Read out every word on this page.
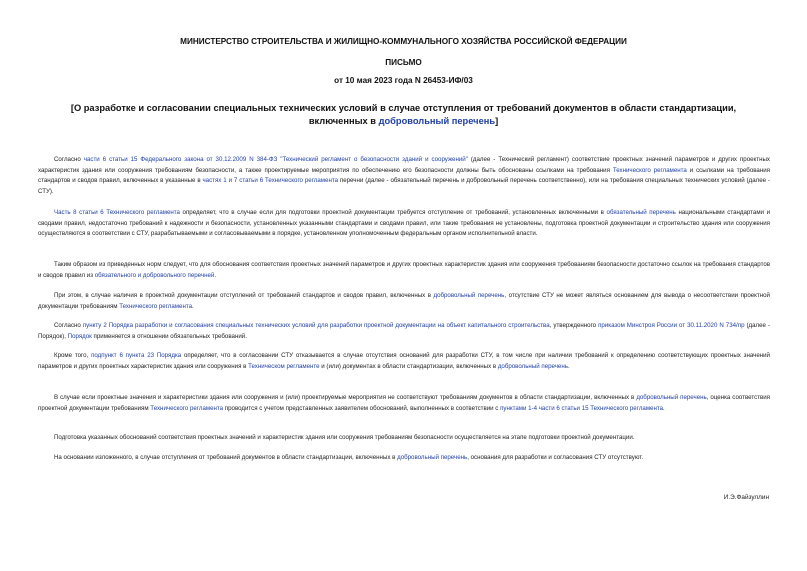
МИНИСТЕРСТВО СТРОИТЕЛЬСТВА И ЖИЛИЩНО-КОММУНАЛЬНОГО ХОЗЯЙСТВА РОССИЙСКОЙ ФЕДЕРАЦИИ
ПИСЬМО
от 10 мая 2023 года N 26453-ИФ/03
[О разработке и согласовании специальных технических условий в случае отступления от требований документов в области стандартизации, включенных в добровольный перечень]
Согласно части 6 статьи 15 Федерального закона от 30.12.2009 N 384-ФЗ "Технический регламент о безопасности зданий и сооружений" (далее - Технический регламент) соответствие проектных значений параметров и других проектных характеристик здания или сооружения требованиям безопасности, а также проектируемые мероприятия по обеспечению его безопасности должны быть обоснованы ссылками на требования Технического регламента и ссылками на требования стандартов и сводов правил, включенных в указанные в частях 1 и 7 статьи 6 Технического регламента перечни (далее - обязательный перечень и добровольный перечень соответственно), или на требования специальных технических условий (далее - СТУ).
Часть 8 статьи 6 Технического регламента определяет, что в случае если для подготовки проектной документации требуется отступление от требований, установленных включенными в обязательный перечень национальными стандартами и сводами правил, недостаточно требований к надежности и безопасности, установленных указанными стандартами и сводами правил, или такие требования не установлены, подготовка проектной документации и строительство здания или сооружения осуществляются в соответствии с СТУ, разрабатываемыми и согласовываемыми в порядке, установленном уполномоченным федеральным органом исполнительной власти.
Таким образом из приведенных норм следует, что для обоснования соответствия проектных значений параметров и других проектных характеристик здания или сооружения требованиям безопасности достаточно ссылок на требования стандартов и сводов правил из обязательного и добровольного перечней.
При этом, в случае наличия в проектной документации отступлений от требований стандартов и сводов правил, включенных в добровольный перечень, отсутствие СТУ не может являться основанием для вывода о несоответствии проектной документации требованиям Технического регламента.
Согласно пункту 2 Порядка разработки и согласования специальных технических условий для разработки проектной документации на объект капитального строительства, утвержденного приказом Минстроя России от 30.11.2020 N 734/пр (далее - Порядок), Порядок применяется в отношении обязательных требований.
Кроме того, подпункт 6 пункта 23 Порядка определяет, что в согласовании СТУ отказывается в случае отсутствия оснований для разработки СТУ, в том числе при наличии требований к определению соответствующих проектных значений параметров и других проектных характеристик здания или сооружения в Техническом регламенте и (или) документах в области стандартизации, включенных в добровольный перечень.
В случае если проектные значения и характеристики здания или сооружения и (или) проектируемые мероприятия не соответствуют требованиям документов в области стандартизации, включенных в добровольный перечень, оценка соответствия проектной документации требованиям Технического регламента проводится с учетом представленных заявителем обоснований, выполненных в соответствии с пунктами 1-4 части 6 статьи 15 Технического регламента.
Подготовка указанных обоснований соответствия проектных значений и характеристик здания или сооружения требованиям безопасности осуществляется на этапе подготовки проектной документации.
На основании изложенного, в случае отступления от требований документов в области стандартизации, включенных в добровольный перечень, основания для разработки и согласования СТУ отсутствуют.
И.Э.Файзуллин
